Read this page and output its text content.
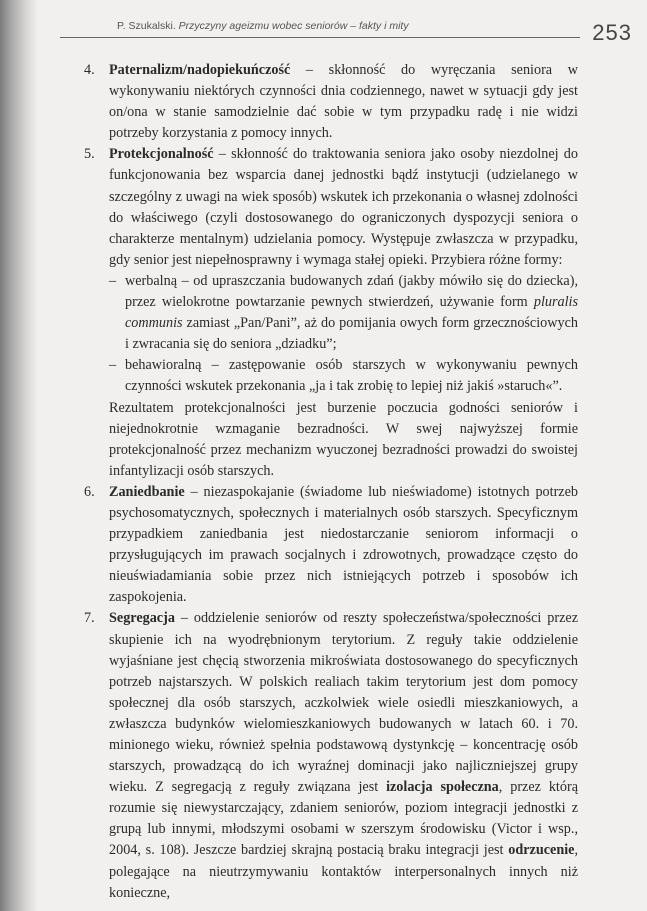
P. Szukalski. Przyczyny ageizmu wobec seniorów – fakty i mity	253
4. Paternalizm/nadopiekuńczość – skłonność do wyręczania seniora w wykonywaniu niektórych czynności dnia codziennego, nawet w sytuacji gdy jest on/ona w stanie samodzielnie dać sobie w tym przypadku radę i nie widzi potrzeby korzystania z pomocy innych.
5. Protekcjonalność – skłonność do traktowania seniora jako osoby niezdolnej do funkcjonowania bez wsparcia danej jednostki bądź instytucji (udzielanego w szczególny z uwagi na wiek sposób) wskutek ich przekonania o własnej zdolności do właściwego (czyli dostosowanego do ograniczonych dyspozycji seniora o charakterze mentalnym) udzielania pomocy. Występuje zwłaszcza w przypadku, gdy senior jest niepełnosprawny i wymaga stałej opieki. Przybiera różne formy:
– werbalną – od upraszczania budowanych zdań (jakby mówiło się do dziecka), przez wielokrotne powtarzanie pewnych stwierdzeń, używanie form pluralis communis zamiast „Pan/Pani”, aż do pomijania owych form grzecznościowych i zwracania się do seniora „dziadku”;
– behawioralną – zastępowanie osób starszych w wykonywaniu pewnych czynności wskutek przekonania „ja i tak zrobię to lepiej niż jakiś »staruch«”.

Rezultatem protekcjonalności jest burzenie poczucia godności seniorów i niejednokrotnie wzmaganie bezradności. W swej najwyższej formie protekcjonalność przez mechanizm wyuczonej bezradności prowadzi do swoistej infantylizacji osób starszych.

6. Zaniedbanie – niezaspokajanie (świadome lub nieświadome) istotnych potrzeb psychosomatycznych, społecznych i materialnych osób starszych. Specyficznym przypadkiem zaniedbania jest niedostarczanie seniorom informacji o przysługujących im prawach socjalnych i zdrowotnych, prowadzące często do nieuświadamiania sobie przez nich istniejących potrzeb i sposobów ich zaspokojenia.
7. Segregacja – oddzielenie seniorów od reszty społeczeństwa/społeczności przez skupienie ich na wyodrębnionym terytorium. Z reguły takie oddzielenie wyjaśniane jest chęcią stworzenia mikroświata dostosowanego do specyficznych potrzeb najstarszych. W polskich realiach takim terytorium jest dom pomocy społecznej dla osób starszych, aczkolwiek wiele osiedli mieszkaniowych, a zwłaszcza budynków wielomieszkaniowych budowanych w latach 60. i 70. minionego wieku, również spełnia podstawową dystynkcję – koncentrację osób starszych, prowadzącą do ich wyraźnej dominacji jako najliczniejszej grupy wieku. Z segregacją z reguły związana jest izolacja społeczna, przez którą rozumie się niewystarczający, zdaniem seniorów, poziom integracji jednostki z grupą lub innymi, młodszymi osobami w szerszym środowisku (Victor i wsp., 2004, s. 108). Jeszcze bardziej skrajną postacią braku integracji jest odrzucenie, polegające na nieutrzymywaniu kontaktów interpersonalnych innych niż konieczne,
